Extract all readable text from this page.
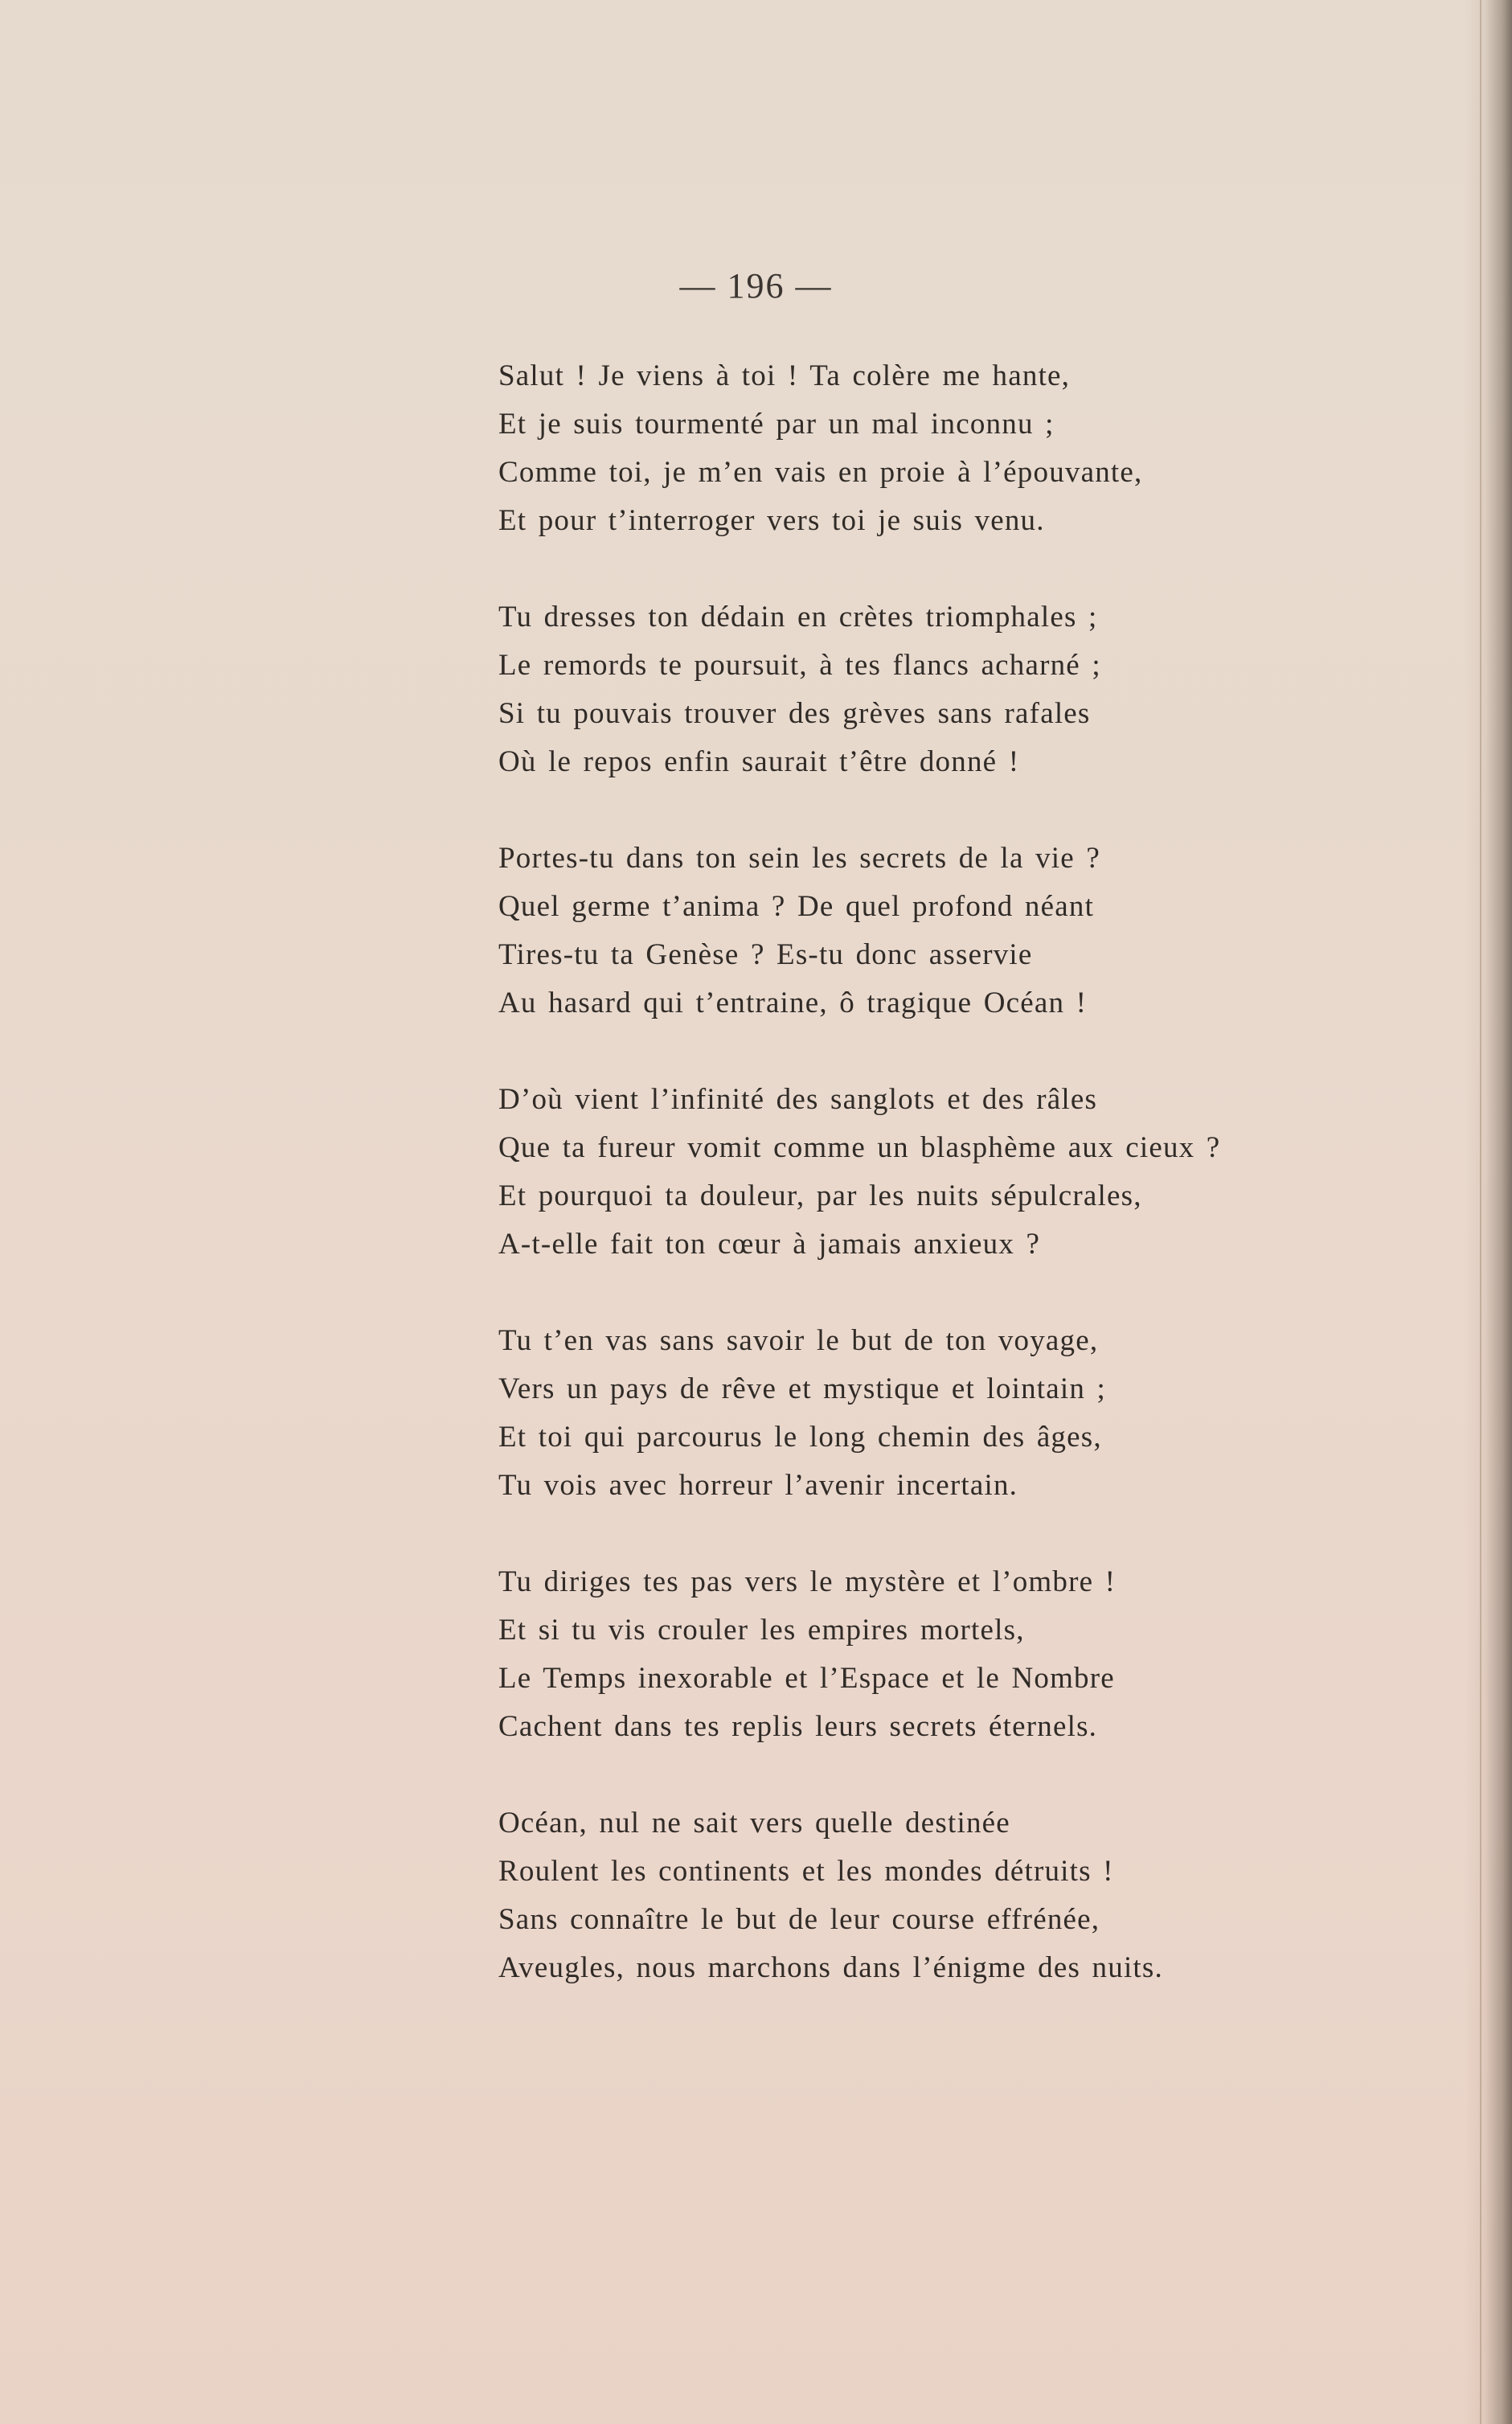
— 196 —
Salut ! Je viens à toi ! Ta colère me hante,
Et je suis tourmenté par un mal inconnu ;
Comme toi, je m’en vais en proie à l’épouvante,
Et pour t’interroger vers toi je suis venu.
Tu dresses ton dédain en crètes triomphales ;
Le remords te poursuit, à tes flancs acharné ;
Si tu pouvais trouver des grèves sans rafales
Où le repos enfin saurait t’être donné !
Portes-tu dans ton sein les secrets de la vie ?
Quel germe t’anima ? De quel profond néant
Tires-tu ta Genèse ? Es-tu donc asservie
Au hasard qui t’entraine, ô tragique Océan !
D’où vient l’infinité des sanglots et des râles
Que ta fureur vomit comme un blasphème aux cieux ?
Et pourquoi ta douleur, par les nuits sépulcrales,
A-t-elle fait ton cœur à jamais anxieux ?
Tu t’en vas sans savoir le but de ton voyage,
Vers un pays de rêve et mystique et lointain ;
Et toi qui parcourus le long chemin des âges,
Tu vois avec horreur l’avenir incertain.
Tu diriges tes pas vers le mystère et l’ombre !
Et si tu vis crouler les empires mortels,
Le Temps inexorable et l’Espace et le Nombre
Cachent dans tes replis leurs secrets éternels.
Océan, nul ne sait vers quelle destinée
Roulent les continents et les mondes détruits !
Sans connaître le but de leur course effrénée,
Aveugles, nous marchons dans l’énigme des nuits.
